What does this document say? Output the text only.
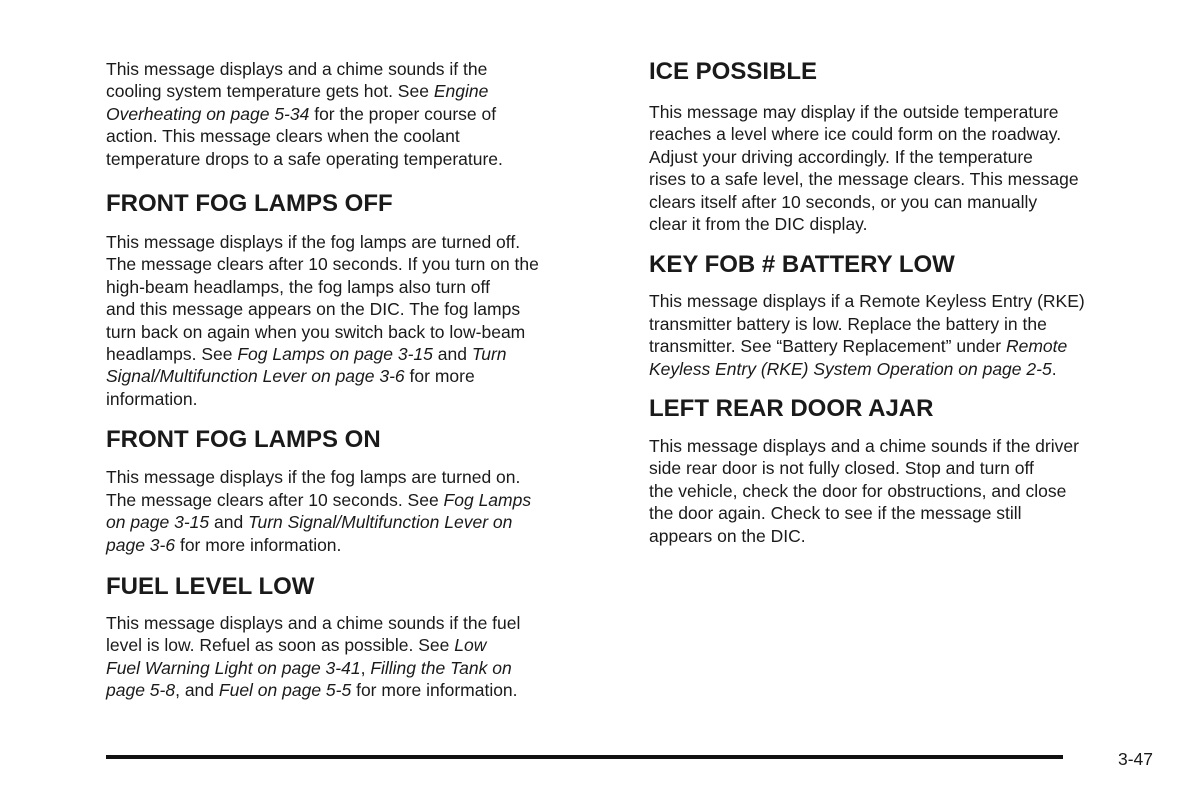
This message displays and a chime sounds if the
cooling system temperature gets hot. See Engine
Overheating on page 5-34 for the proper course of
action. This message clears when the coolant
temperature drops to a safe operating temperature.

FRONT FOG LAMPS OFF

This message displays if the fog lamps are turned off.
The message clears after 10 seconds. If you turn on the
high-beam headlamps, the fog lamps also turn off
and this message appears on the DIC. The fog lamps
turn back on again when you switch back to low-beam
headlamps. See Fog Lamps on page 3-15 and Turn
Signal/Multifunction Lever on page 3-6 for more
information.

FRONT FOG LAMPS ON

This message displays if the fog lamps are turned on.
The message clears after 10 seconds. See Fog Lamps
on page 3-15 and Turn Signal/Multifunction Lever on
page 3-6 for more information.

FUEL LEVEL LOW

This message displays and a chime sounds if the fuel
level is low. Refuel as soon as possible. See Low
Fuel Warning Light on page 3-41, Filling the Tank on
page 5-8, and Fuel on page 5-5 for more information.

ICE POSSIBLE

This message may display if the outside temperature
reaches a level where ice could form on the roadway.
Adjust your driving accordingly. If the temperature
rises to a safe level, the message clears. This message
clears itself after 10 seconds, or you can manually
clear it from the DIC display.

KEY FOB # BATTERY LOW

This message displays if a Remote Keyless Entry (RKE)
transmitter battery is low. Replace the battery in the
transmitter. See “Battery Replacement” under Remote
Keyless Entry (RKE) System Operation on page 2-5.

LEFT REAR DOOR AJAR

This message displays and a chime sounds if the driver
side rear door is not fully closed. Stop and turn off
the vehicle, check the door for obstructions, and close
the door again. Check to see if the message still
appears on the DIC.

3-47
